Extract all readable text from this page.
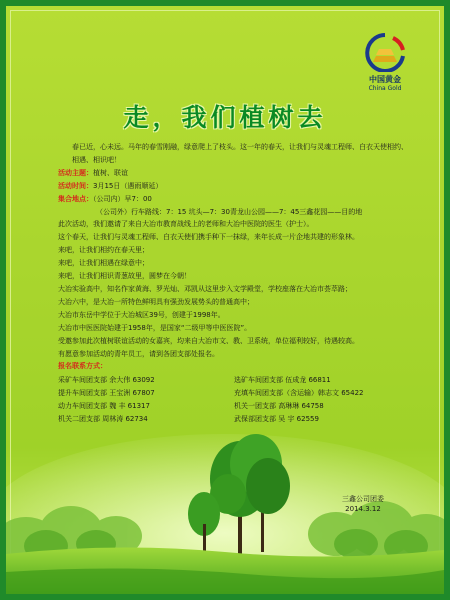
中国黄金
China Gold
走，我们植树去
春已近，心未远。马年的春雪刚融，绿意爬上了枝头。这一年的春天，让我们与灵魂工程师、白衣天使相约、相遇、相识吧！
活动主题：植树、联谊
活动时间：3月15日（遇雨顺延）
集合地点：（公司内）早7：00
（公司外）行车路线：7：15 坑头—7：30青龙山公园——7：45三鑫花园——目的地
此次活动，我们邀请了来自大冶市教育战线上的老师和大冶中医院的医生（护士）。
这个春天，让我们与灵魂工程师、白衣天使们携手种下一抹绿，来年长成一片企地共建的形象林。
来吧，让我们相约在春天里；
来吧，让我们相遇在绿意中；
来吧，让我们相识青葱故里，圆梦在今朝！
大冶实验高中，知名作家黄海、罗光灿、邓凯从这里步入文学殿堂，学校座落在大冶市荟萃路；
大冶六中，是大冶一所特色鲜明具有强劲发展势头的普通高中；
大冶市东岳中学位于大冶城区39号，创建于1998年。
大冶市中医医院始建于1958年，是国家“二级甲等中医医院”。
受邀参加此次植树联谊活动的女嘉宾，均来自大冶市文、教、卫系统，单位福利较好，待遇较高。
有愿意参加活动的青年员工，请到各团支部处报名。
报名联系方式：
采矿车间团支部 余大伟 63092	选矿车间团支部 伍成龙 66811
提升车间团支部 王宝洲 67807	充填车间团支部（含运输）韩志文 65422
动力车间团支部 魏 丰 61317	机关一团支部 高琳琳 64758
机关二团支部 周林涛 62734	武保部团支部 吴 宇 62559
三鑫公司团委
2014.3.12
